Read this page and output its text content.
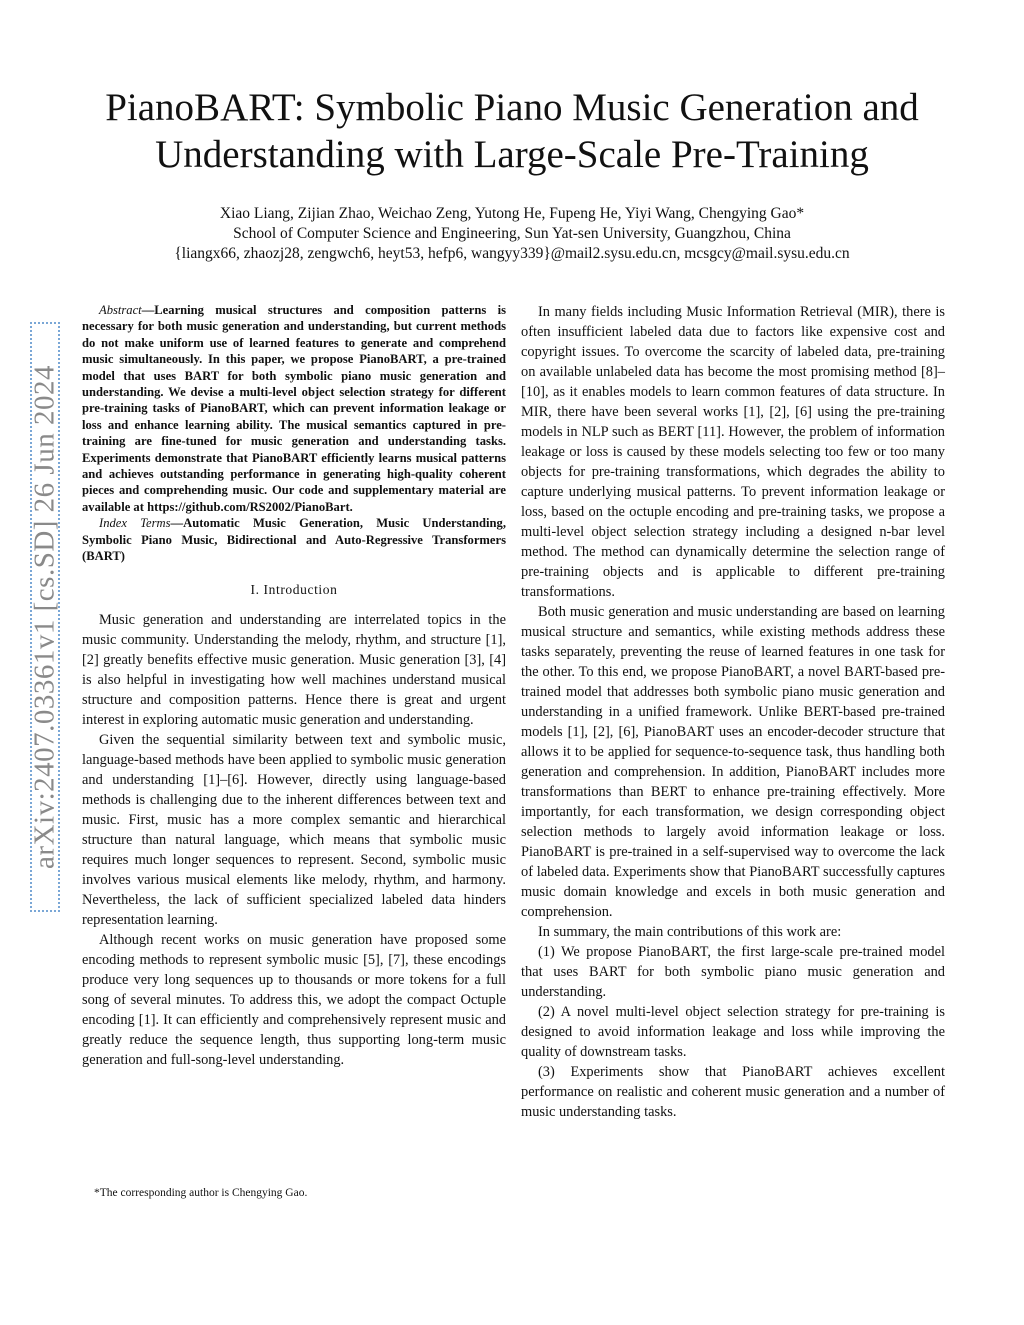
arXiv:2407.03361v1 [cs.SD] 26 Jun 2024
PianoBART: Symbolic Piano Music Generation and
Understanding with Large-Scale Pre-Training
Xiao Liang, Zijian Zhao, Weichao Zeng, Yutong He, Fupeng He, Yiyi Wang, Chengying Gao*
School of Computer Science and Engineering, Sun Yat-sen University, Guangzhou, China
{liangx66, zhaozj28, zengwch6, heyt53, hefp6, wangyy339}@mail2.sysu.edu.cn, mcsgcy@mail.sysu.edu.cn

Abstract—Learning musical structures and composition patterns is necessary for both music generation and understanding, but current methods do not make uniform use of learned features to generate and comprehend music simultaneously. In this paper, we propose PianoBART, a pre-trained model that uses BART for both symbolic piano music generation and understanding. We devise a multi-level object selection strategy for different pre-training tasks of PianoBART, which can prevent information leakage or loss and enhance learning ability. The musical semantics captured in pre-training are fine-tuned for music generation and understanding tasks. Experiments demonstrate that PianoBART efficiently learns musical patterns and achieves outstanding performance in generating high-quality coherent pieces and comprehending music. Our code and supplementary material are available at https://github.com/RS2002/PianoBart.

Index Terms—Automatic Music Generation, Music Understanding, Symbolic Piano Music, Bidirectional and Auto-Regressive Transformers (BART)

I. Introduction

Music generation and understanding are interrelated topics in the music community. Understanding the melody, rhythm, and structure [1], [2] greatly benefits effective music generation. Music generation [3], [4] is also helpful in investigating how well machines understand musical structure and composition patterns. Hence there is great and urgent interest in exploring automatic music generation and understanding.

Given the sequential similarity between text and symbolic music, language-based methods have been applied to symbolic music generation and understanding [1]–[6]. However, directly using language-based methods is challenging due to the inherent differences between text and music. First, music has a more complex semantic and hierarchical structure than natural language, which means that symbolic music requires much longer sequences to represent. Second, symbolic music involves various musical elements like melody, rhythm, and harmony. Nevertheless, the lack of sufficient specialized labeled data hinders representation learning.

Although recent works on music generation have proposed some encoding methods to represent symbolic music [5], [7], these encodings produce very long sequences up to thousands or more tokens for a full song of several minutes. To address this, we adopt the compact Octuple encoding [1]. It can efficiently and comprehensively represent music and greatly reduce the sequence length, thus supporting long-term music generation and full-song-level understanding.

*The corresponding author is Chengying Gao.

In many fields including Music Information Retrieval (MIR), there is often insufficient labeled data due to factors like expensive cost and copyright issues. To overcome the scarcity of labeled data, pre-training on available unlabeled data has become the most promising method [8]–[10], as it enables models to learn common features of data structure. In MIR, there have been several works [1], [2], [6] using the pre-training models in NLP such as BERT [11]. However, the problem of information leakage or loss is caused by these models selecting too few or too many objects for pre-training transformations, which degrades the ability to capture underlying musical patterns. To prevent information leakage or loss, based on the octuple encoding and pre-training tasks, we propose a multi-level object selection strategy including a designed n-bar level method. The method can dynamically determine the selection range of pre-training objects and is applicable to different pre-training transformations.

Both music generation and music understanding are based on learning musical structure and semantics, while existing methods address these tasks separately, preventing the reuse of learned features in one task for the other. To this end, we propose PianoBART, a novel BART-based pre-trained model that addresses both symbolic piano music generation and understanding in a unified framework. Unlike BERT-based pre-trained models [1], [2], [6], PianoBART uses an encoder-decoder structure that allows it to be applied for sequence-to-sequence task, thus handling both generation and comprehension. In addition, PianoBART includes more transformations than BERT to enhance pre-training effectively. More importantly, for each transformation, we design corresponding object selection methods to largely avoid information leakage or loss. PianoBART is pre-trained in a self-supervised way to overcome the lack of labeled data. Experiments show that PianoBART successfully captures music domain knowledge and excels in both music generation and comprehension.

In summary, the main contributions of this work are:

(1) We propose PianoBART, the first large-scale pre-trained model that uses BART for both symbolic piano music generation and understanding.

(2) A novel multi-level object selection strategy for pre-training is designed to avoid information leakage and loss while improving the quality of downstream tasks.

(3) Experiments show that PianoBART achieves excellent performance on realistic and coherent music generation and a number of music understanding tasks.
